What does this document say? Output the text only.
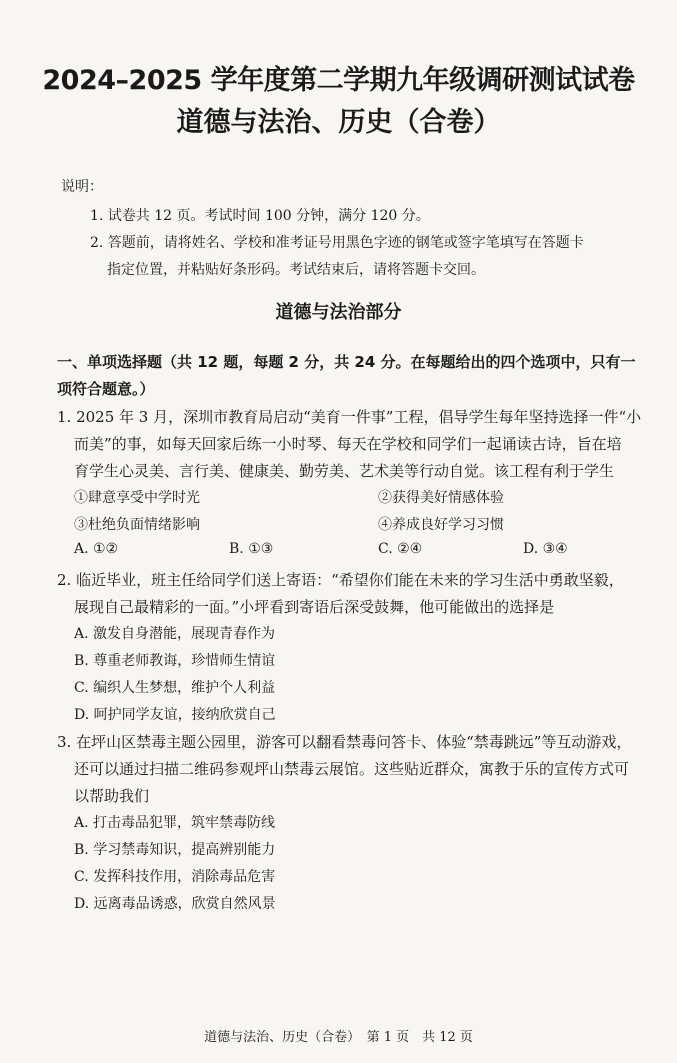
2024–2025 学年度第二学期九年级调研测试试卷
道德与法治、历史（合卷）
说明：
1. 试卷共 12 页。考试时间 100 分钟，满分 120 分。
2. 答题前，请将姓名、学校和准考证号用黑色字迹的钢笔或签字笔填写在答题卡
指定位置，并粘贴好条形码。考试结束后，请将答题卡交回。
道德与法治部分
一、单项选择题（共 12 题，每题 2 分，共 24 分。在每题给出的四个选项中，只有一
项符合题意。）
1. 2025 年 3 月，深圳市教育局启动“美育一件事”工程，倡导学生每年坚持选择一件“小
而美”的事，如每天回家后练一小时琴、每天在学校和同学们一起诵读古诗，旨在培
育学生心灵美、言行美、健康美、勤劳美、艺术美等行动自觉。该工程有利于学生
①肆意享受中学时光	②获得美好情感体验
③杜绝负面情绪影响	④养成良好学习习惯
A. ①②	B. ①③	C. ②④	D. ③④
2. 临近毕业，班主任给同学们送上寄语：“希望你们能在未来的学习生活中勇敢坚毅，
展现自己最精彩的一面。”小坪看到寄语后深受鼓舞，他可能做出的选择是
A. 激发自身潜能，展现青春作为
B. 尊重老师教诲，珍惜师生情谊
C. 编织人生梦想，维护个人利益
D. 呵护同学友谊，接纳欣赏自己
3. 在坪山区禁毒主题公园里，游客可以翻看禁毒问答卡、体验“禁毒跳远”等互动游戏，
还可以通过扫描二维码参观坪山禁毒云展馆。这些贴近群众，寓教于乐的宣传方式可
以帮助我们
A. 打击毒品犯罪，筑牢禁毒防线
B. 学习禁毒知识，提高辨别能力
C. 发挥科技作用，消除毒品危害
D. 远离毒品诱惑，欣赏自然风景
道德与法治、历史（合卷）　第 1 页　共 12 页
